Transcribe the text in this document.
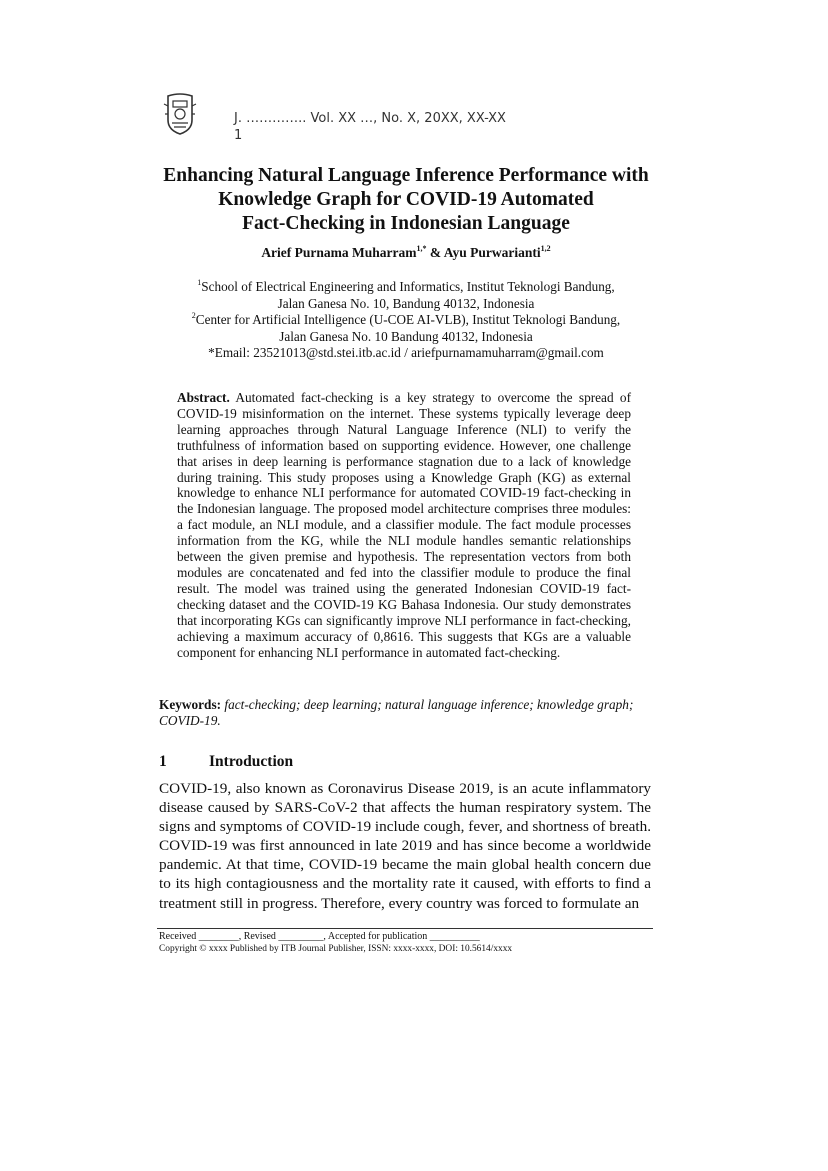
J. ………….. Vol. XX …, No. X, 20XX, XX-XX
1
Enhancing Natural Language Inference Performance with
Knowledge Graph for COVID-19 Automated
Fact-Checking in Indonesian Language
Arief Purnama Muharram$^{1,*}$ & Ayu Purwarianti$^{1,2}$
$^1$School of Electrical Engineering and Informatics, Institut Teknologi Bandung,
Jalan Ganesa No. 10, Bandung 40132, Indonesia
$^2$Center for Artificial Intelligence (U-COE AI-VLB), Institut Teknologi Bandung,
Jalan Ganesa No. 10 Bandung 40132, Indonesia
*Email: 23521013@std.stei.itb.ac.id / ariefpurnamamuharram@gmail.com
Abstract. Automated fact-checking is a key strategy to overcome the spread of COVID-19 misinformation on the internet. These systems typically leverage deep learning approaches through Natural Language Inference (NLI) to verify the truthfulness of information based on supporting evidence. However, one challenge that arises in deep learning is performance stagnation due to a lack of knowledge during training. This study proposes using a Knowledge Graph (KG) as external knowledge to enhance NLI performance for automated COVID-19 fact-checking in the Indonesian language. The proposed model architecture comprises three modules: a fact module, an NLI module, and a classifier module. The fact module processes information from the KG, while the NLI module handles semantic relationships between the given premise and hypothesis. The representation vectors from both modules are concatenated and fed into the classifier module to produce the final result. The model was trained using the generated Indonesian COVID-19 fact-checking dataset and the COVID-19 KG Bahasa Indonesia. Our study demonstrates that incorporating KGs can significantly improve NLI performance in fact-checking, achieving a maximum accuracy of 0,8616. This suggests that KGs are a valuable component for enhancing NLI performance in automated fact-checking.
Keywords: fact-checking; deep learning; natural language inference; knowledge graph; COVID-19.
1	Introduction
COVID-19, also known as Coronavirus Disease 2019, is an acute inflammatory disease caused by SARS-CoV-2 that affects the human respiratory system. The signs and symptoms of COVID-19 include cough, fever, and shortness of breath. COVID-19 was first announced in late 2019 and has since become a worldwide pandemic. At that time, COVID-19 became the main global health concern due to its high contagiousness and the mortality rate it caused, with efforts to find a treatment still in progress. Therefore, every country was forced to formulate an
Received ________, Revised _________, Accepted for publication __________
Copyright © xxxx Published by ITB Journal Publisher, ISSN: xxxx-xxxx, DOI: 10.5614/xxxx
